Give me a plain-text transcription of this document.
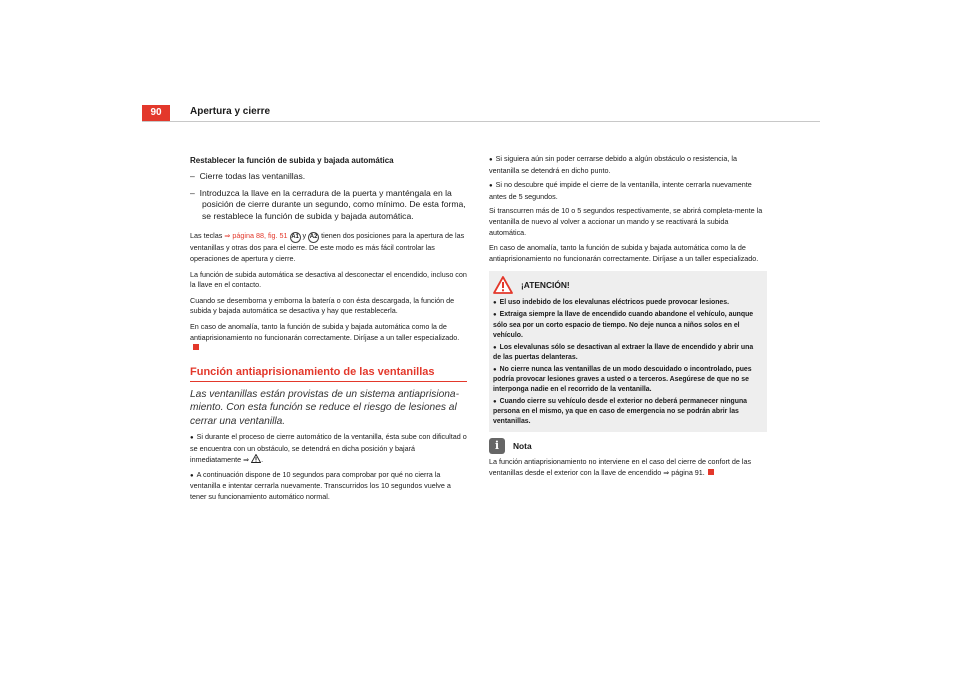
90	Apertura y cierre
Restablecer la función de subida y bajada automática
–  Cierre todas las ventanillas.
–  Introduzca la llave en la cerradura de la puerta y manténgala en la posición de cierre durante un segundo, como mínimo. De esta forma, se restablece la función de subida y bajada automática.

Las teclas ⇒ página 88, fig. 51 A1 y A2 tienen dos posiciones para la apertura de las ventanillas y otras dos para el cierre. De este modo es más fácil controlar las operaciones de apertura y cierre.

La función de subida automática se desactiva al desconectar el encendido, incluso con la llave en el contacto.

Cuando se desemborna y emborna la batería o con ésta descargada, la función de subida y bajada automática se desactiva y hay que restablecerla.

En caso de anomalía, tanto la función de subida y bajada automática como la de antiaprisionamiento no funcionarán correctamente. Diríjase a un taller especializado.

Función antiaprisionamiento de las ventanillas

Las ventanillas están provistas de un sistema antiaprisiona-miento. Con esta función se reduce el riesgo de lesiones al cerrar una ventanilla.

● Si durante el proceso de cierre automático de la ventanilla, ésta sube con dificultad o se encuentra con un obstáculo, se detendrá en dicha posición y bajará inmediatamente ⇒ .

● A continuación dispone de 10 segundos para comprobar por qué no cierra la ventanilla e intentar cerrarla nuevamente. Transcurridos los 10 segundos vuelve a tener su funcionamiento automático normal.

● Si siguiera aún sin poder cerrarse debido a algún obstáculo o resistencia, la ventanilla se detendrá en dicho punto.

● Si no descubre qué impide el cierre de la ventanilla, intente cerrarla nuevamente antes de 5 segundos.

Si transcurren más de 10 o 5 segundos respectivamente, se abrirá completa-mente la ventanilla de nuevo al volver a accionar un mando y se reactivará la subida automática.

En caso de anomalía, tanto la función de subida y bajada automática como la de antiaprisionamiento no funcionarán correctamente. Diríjase a un taller especializado.

¡ATENCIÓN!

● El uso indebido de los elevalunas eléctricos puede provocar lesiones.

● Extraiga siempre la llave de encendido cuando abandone el vehículo, aunque sólo sea por un corto espacio de tiempo. No deje nunca a niños solos en el vehículo.

● Los elevalunas sólo se desactivan al extraer la llave de encendido y abrir una de las puertas delanteras.

● No cierre nunca las ventanillas de un modo descuidado o incontrolado, pues podría provocar lesiones graves a usted o a terceros. Asegúrese de que no se interponga nadie en el recorrido de la ventanilla.

● Cuando cierre su vehículo desde el exterior no deberá permanecer ninguna persona en el mismo, ya que en caso de emergencia no se podrán abrir las ventanillas.

i	Nota

La función antiaprisionamiento no interviene en el caso del cierre de confort de las ventanillas desde el exterior con la llave de encendido ⇒ página 91.
